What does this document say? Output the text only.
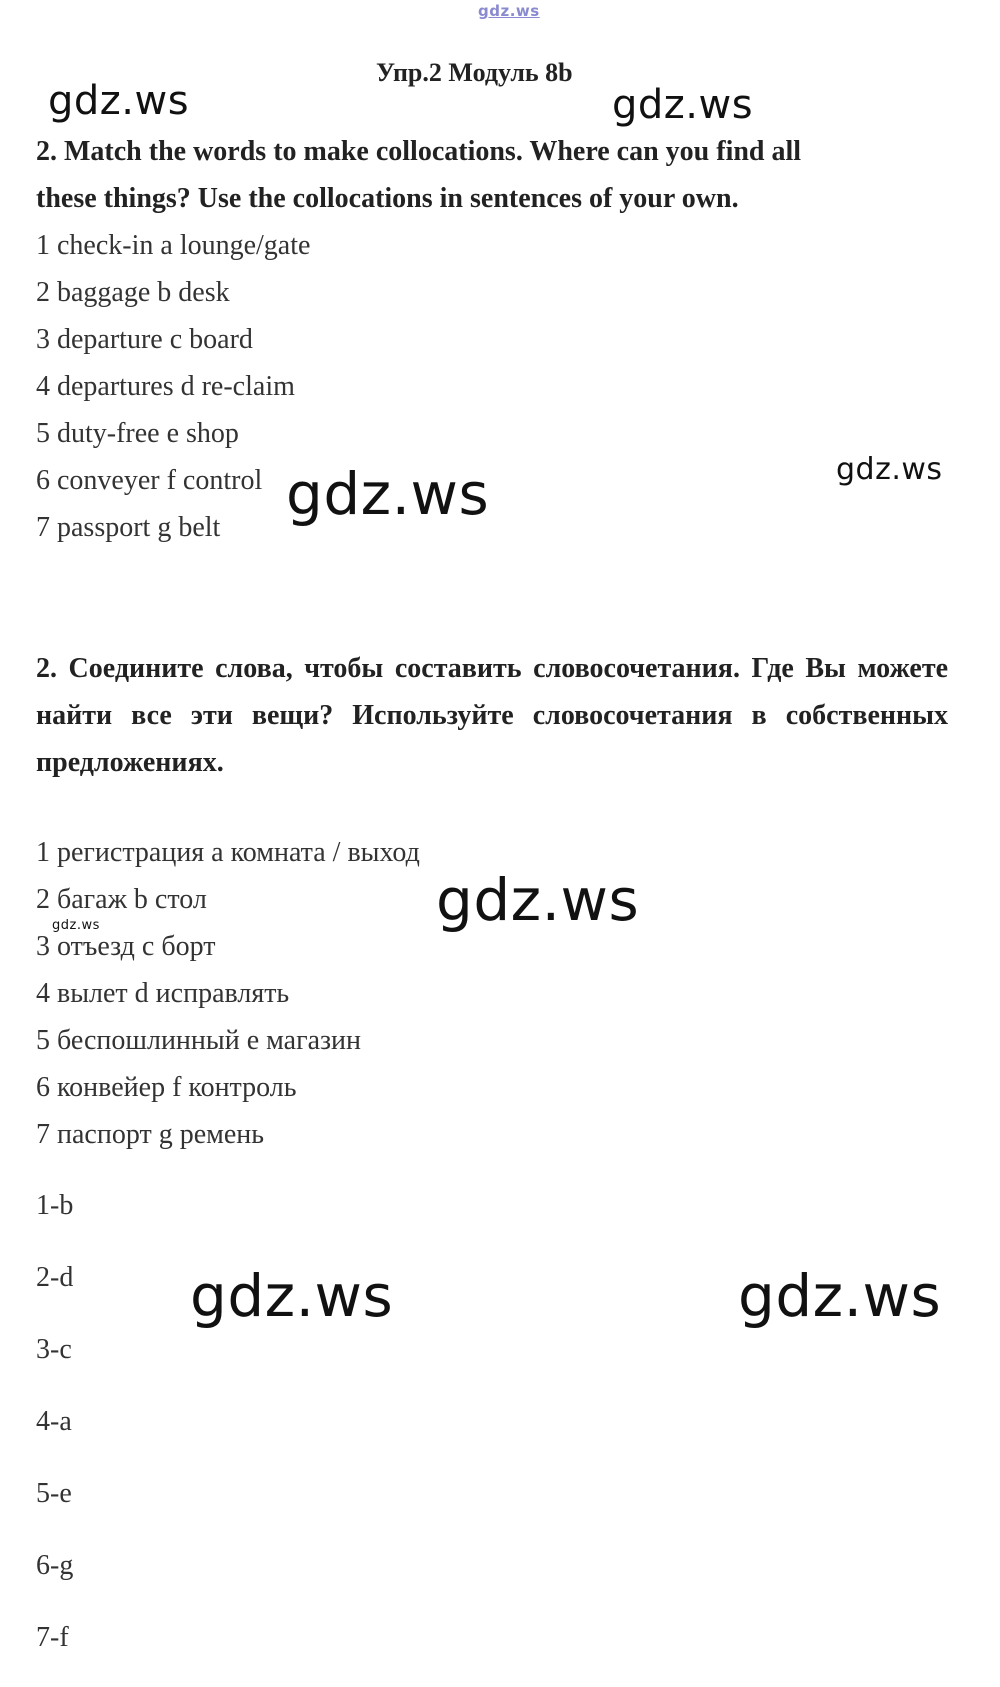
gdz.ws
gdz.ws	gdz.ws
gdz.ws
gdz.ws
gdz.ws
gdz.ws
gdz.ws	gdz.ws
Упр.2 Модуль 8b
2. Match the words to make collocations. Where can you find all
these things? Use the collocations in sentences of your own.
1 check-in a lounge/gate
2 baggage b desk
3 departure c board
4 departures d re-claim
5 duty-free e shop
6 conveyer f control
7 passport g belt
2. Соедините слова, чтобы составить словосочетания. Где Вы можете найти все эти вещи? Используйте словосочетания в собственных предложениях.
1 регистрация а комната / выход
2 багаж b стол
3 отъезд с борт
4 вылет d исправлять
5 беспошлинный е магазин
6 конвейер f контроль
7 паспорт g ремень
1-b
2-d
3-c
4-a
5-e
6-g
7-f
